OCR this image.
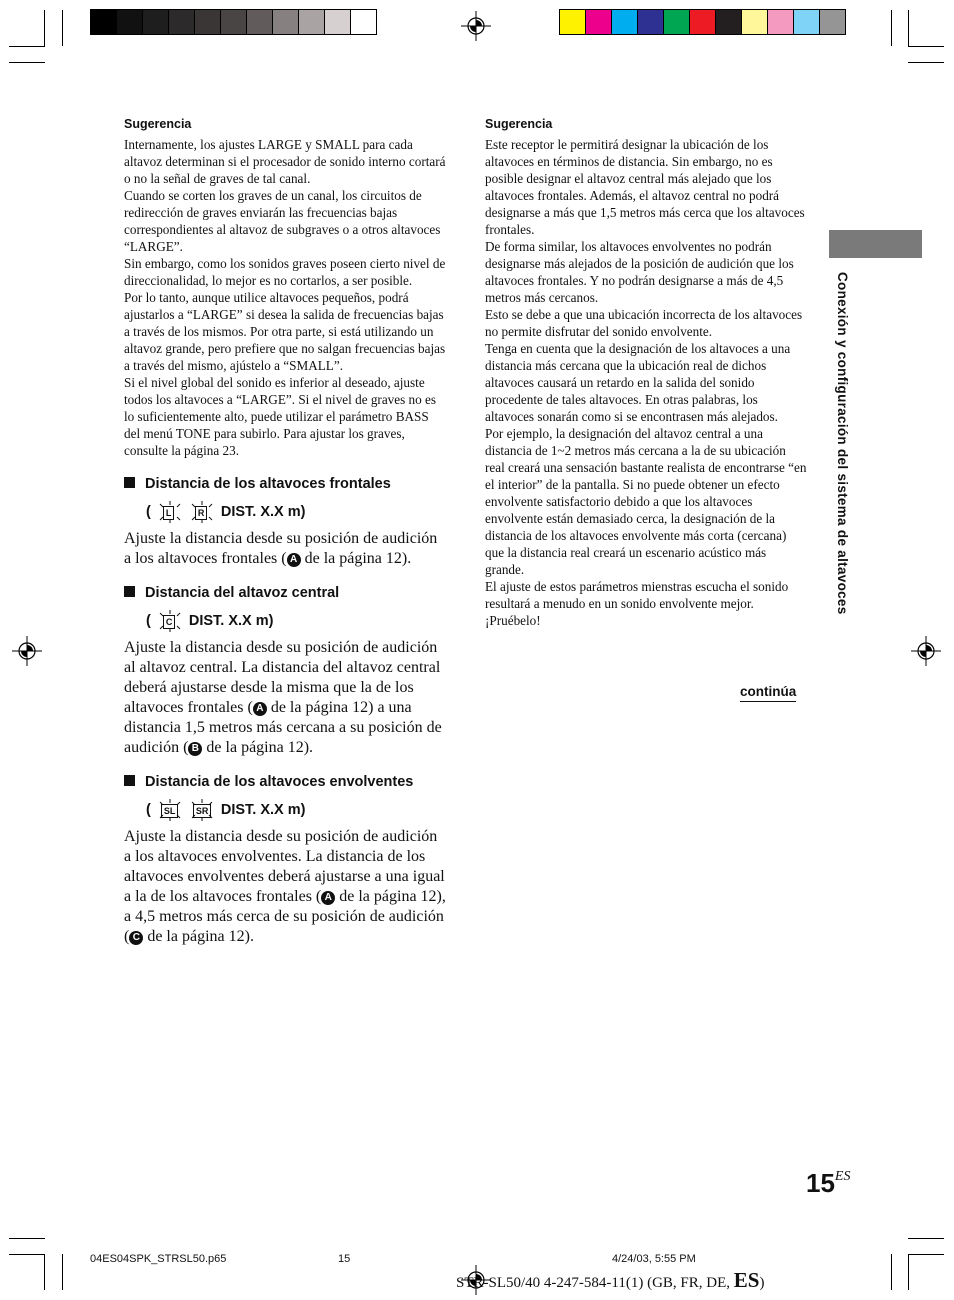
Sugerencia

Internamente, los ajustes LARGE y SMALL para cada altavoz determinan si el procesador de sonido interno cortará o no la señal de graves de tal canal.

Cuando se corten los graves de un canal, los circuitos de redirección de graves enviarán las frecuencias bajas correspondientes al altavoz de subgraves o a otros altavoces “LARGE”.

Sin embargo, como los sonidos graves poseen cierto nivel de direccionalidad, lo mejor es no cortarlos, a ser posible.

Por lo tanto, aunque utilice altavoces pequeños, podrá ajustarlos a “LARGE” si desea la salida de frecuencias bajas a través de los mismos. Por otra parte, si está utilizando un altavoz grande, pero prefiere que no salgan frecuencias bajas a través del mismo, ajústelo a “SMALL”.

Si el nivel global del sonido es inferior al deseado, ajuste todos los altavoces a “LARGE”. Si el nivel de graves no es lo suficientemente alto, puede utilizar el parámetro BASS del menú TONE para subirlo. Para ajustar los graves, consulte la página 23.

Distancia de los altavoces frontales

(	L	R DIST. X.X m)

Ajuste la distancia desde su posición de audición a los altavoces frontales ( A de la página 12).

Distancia del altavoz central

(	C DIST. X.X m)

Ajuste la distancia desde su posición de audición al altavoz central. La distancia del altavoz central deberá ajustarse desde la misma que la de los altavoces frontales ( A de la página 12) a una distancia 1,5 metros más cercana a su posición de audición ( B de la página 12).

Distancia de los altavoces envolventes

(	SL	SR DIST. X.X m)

Ajuste la distancia desde su posición de audición a los altavoces envolventes. La distancia de los altavoces envolventes deberá ajustarse a una igual a la de los altavoces frontales ( A de la página 12), a 4,5 metros más cerca de su posición de audición ( C de la página 12).

Sugerencia

Este receptor le permitirá designar la ubicación de los altavoces en términos de distancia. Sin embargo, no es posible designar el altavoz central más alejado que los altavoces frontales. Además, el altavoz central no podrá designarse a más que 1,5 metros más cerca que los altavoces frontales.

De forma similar, los altavoces envolventes no podrán designarse más alejados de la posición de audición que los altavoces frontales. Y no podrán designarse a más de 4,5 metros más cercanos.

Esto se debe a que una ubicación incorrecta de los altavoces no permite disfrutar del sonido envolvente.

Tenga en cuenta que la designación de los altavoces a una distancia más cercana que la ubicación real de dichos altavoces causará un retardo en la salida del sonido procedente de tales altavoces. En otras palabras, los altavoces sonarán como si se encontrasen más alejados.

Por ejemplo, la designación del altavoz central a una distancia de 1~2 metros más cercana a la de su ubicación real creará una sensación bastante realista de encontrarse “en el interior” de la pantalla. Si no puede obtener un efecto envolvente satisfactorio debido a que los altavoces envolvente están demasiado cerca, la designación de la distancia de los altavoces envolvente más corta (cercana) que la distancia real creará un escenario acústico más grande.

El ajuste de estos parámetros mienstras escucha el sonido resultará a menudo en un sonido envolvente mejor. ¡Pruébelo!

continúa
Conexión y configuración del sistema de altavoces
$15^{ES}$
04ES04SPK_STRSL50.p65	15	4/24/03, 5:55 PM
STR-SL50/40 4-247-584-11(1) (GB, FR, DE, ES)
